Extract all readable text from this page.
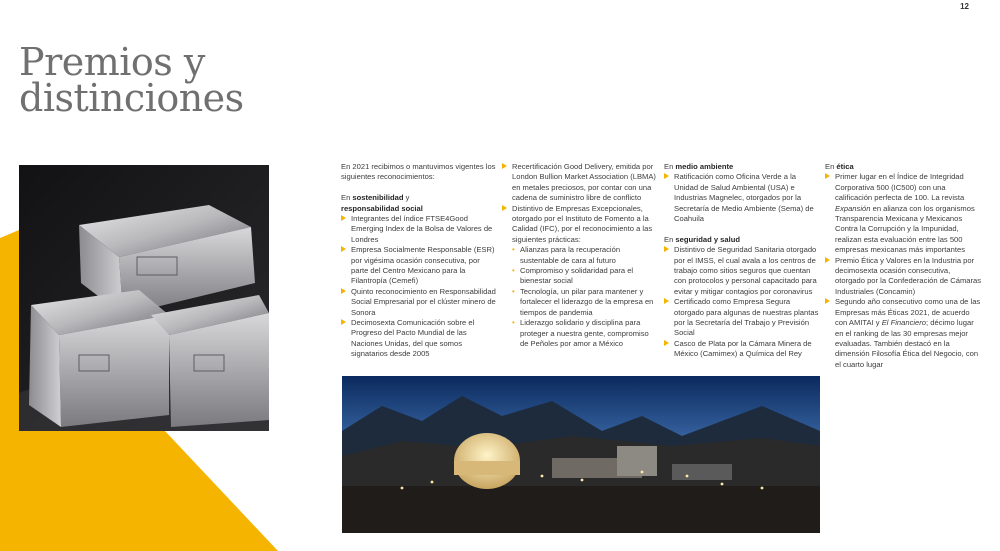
12
Premios y
distinciones

En 2021 recibimos o mantuvimos vigentes los siguientes reconocimientos:

En sostenibilidad y
responsabilidad social

Integrantes del índice FTSE4Good Emerging Index de la Bolsa de Valores de Londres
Empresa Socialmente Responsable (ESR) por vigésima ocasión consecutiva, por parte del Centro Mexicano para la Filantropía (Cemefi)
Quinto reconocimiento en Responsabilidad Social Empresarial por el clúster minero de Sonora
Decimosexta Comunicación sobre el Progreso del Pacto Mundial de las Naciones Unidas, del que somos signatarios desde 2005
Recertificación Good Delivery, emitida por London Bullion Market Association (LBMA) en metales preciosos, por contar con una cadena de suministro libre de conflicto
Distintivo de Empresas Excepcionales, otorgado por el Instituto de Fomento a la Calidad (IFC), por el reconocimiento a las siguientes prácticas:
• Alianzas para la recuperación sustentable de cara al futuro
• Compromiso y solidaridad para el bienestar social
• Tecnología, un pilar para mantener y fortalecer el liderazgo de la empresa en tiempos de pandemia
• Liderazgo solidario y disciplina para proteger a nuestra gente, compromiso de Peñoles por amor a México

En medio ambiente

Ratificación como Oficina Verde a la Unidad de Salud Ambiental (USA) e Industrias Magnelec, otorgados por la Secretaría de Medio Ambiente (Sema) de Coahuila

En seguridad y salud

Distintivo de Seguridad Sanitaria otorgado por el IMSS, el cual avala a los centros de trabajo como sitios seguros que cuentan con protocolos y personal capacitado para evitar y mitigar contagios por coronavirus
Certificado como Empresa Segura otorgado para algunas de nuestras plantas por la Secretaría del Trabajo y Previsión Social
Casco de Plata por la Cámara Minera de México (Camimex) a Química del Rey

En ética

Primer lugar en el Índice de Integridad Corporativa 500 (IC500) con una calificación perfecta de 100. La revista Expansión en alianza con los organismos Transparencia Mexicana y Mexicanos Contra la Corrupción y la Impunidad, realizan esta evaluación entre las 500 empresas mexicanas más importantes
Premio Ética y Valores en la Industria por decimosexta ocasión consecutiva, otorgado por la Confederación de Cámaras Industriales (Concamin)
Segundo año consecutivo como una de las Empresas más Éticas 2021, de acuerdo con AMITAI y El Financiero; décimo lugar en el ranking de las 30 empresas mejor evaluadas. También destacó en la dimensión Filosofía Ética del Negocio, con el cuarto lugar
